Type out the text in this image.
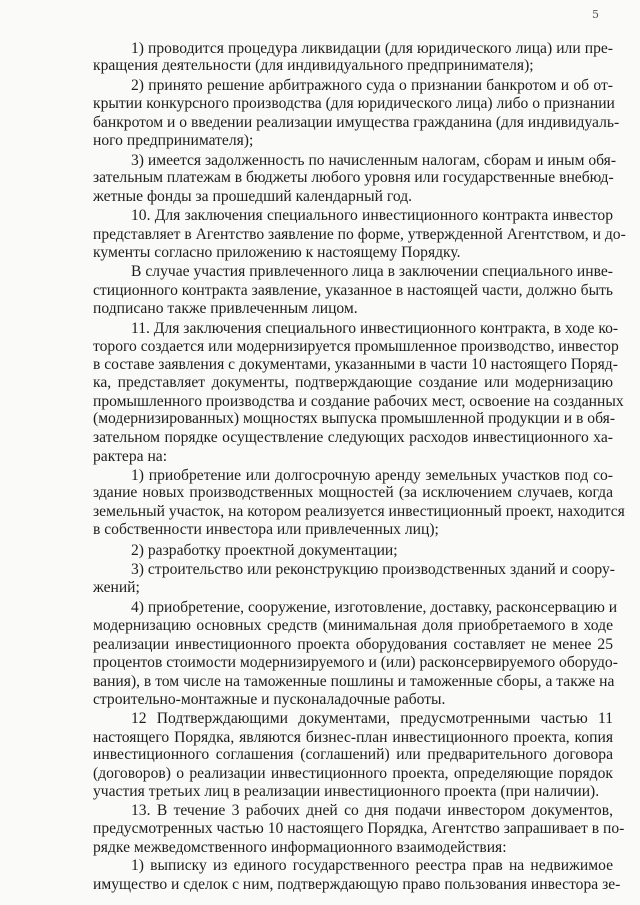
5

1) проводится процедура ликвидации (для юридического лица) или пре-

кращения деятельности (для индивидуального предпринимателя);

2) принято решение арбитражного суда о признании банкротом и об от-

крытии конкурсного производства (для юридического лица) либо о признании

банкротом и о введении реализации имущества гражданина (для индивидуаль-

ного предпринимателя);

3) имеется задолженность по начисленным налогам, сборам и иным обя-

зательным платежам в бюджеты любого уровня или государственные внебюд-

жетные фонды за прошедший календарный год.

10. Для заключения специального инвестиционного контракта инвестор

представляет в Агентство заявление по форме, утвержденной Агентством, и до-

кументы согласно приложению к настоящему Порядку.

В случае участия привлеченного лица в заключении специального инве-

стиционного контракта заявление, указанное в настоящей части, должно быть

подписано также привлеченным лицом.

11. Для заключения специального инвестиционного контракта, в ходе ко-

торого создается или модернизируется промышленное производство, инвестор

в составе заявления с документами, указанными в части 10 настоящего Поряд-

ка, представляет документы, подтверждающие создание или модернизацию

промышленного производства и создание рабочих мест, освоение на созданных

(модернизированных) мощностях выпуска промышленной продукции и в обя-

зательном порядке осуществление следующих расходов инвестиционного ха-

рактера на:

1) приобретение или долгосрочную аренду земельных участков под со-

здание новых производственных мощностей (за исключением случаев, когда

земельный участок, на котором реализуется инвестиционный проект, находится

в собственности инвестора или привлеченных лиц);

2) разработку проектной документации;

3) строительство или реконструкцию производственных зданий и соору-

жений;

4) приобретение, сооружение, изготовление, доставку, расконсервацию и

модернизацию основных средств (минимальная доля приобретаемого в ходе

реализации инвестиционного проекта оборудования составляет не менее 25

процентов стоимости модернизируемого и (или) расконсервируемого оборудо-

вания), в том числе на таможенные пошлины и таможенные сборы, а также на

строительно-монтажные и пусконаладочные работы.

12 Подтверждающими документами, предусмотренными частью 11

настоящего Порядка, являются бизнес-план инвестиционного проекта, копия

инвестиционного соглашения (соглашений) или предварительного договора

(договоров) о реализации инвестиционного проекта, определяющие порядок

участия третьих лиц в реализации инвестиционного проекта (при наличии).

13. В течение 3 рабочих дней со дня подачи инвестором документов,

предусмотренных частью 10 настоящего Порядка, Агентство запрашивает в по-

рядке межведомственного информационного взаимодействия:

1) выписку из единого государственного реестра прав на недвижимое

имущество и сделок с ним, подтверждающую право пользования инвестора зе-
